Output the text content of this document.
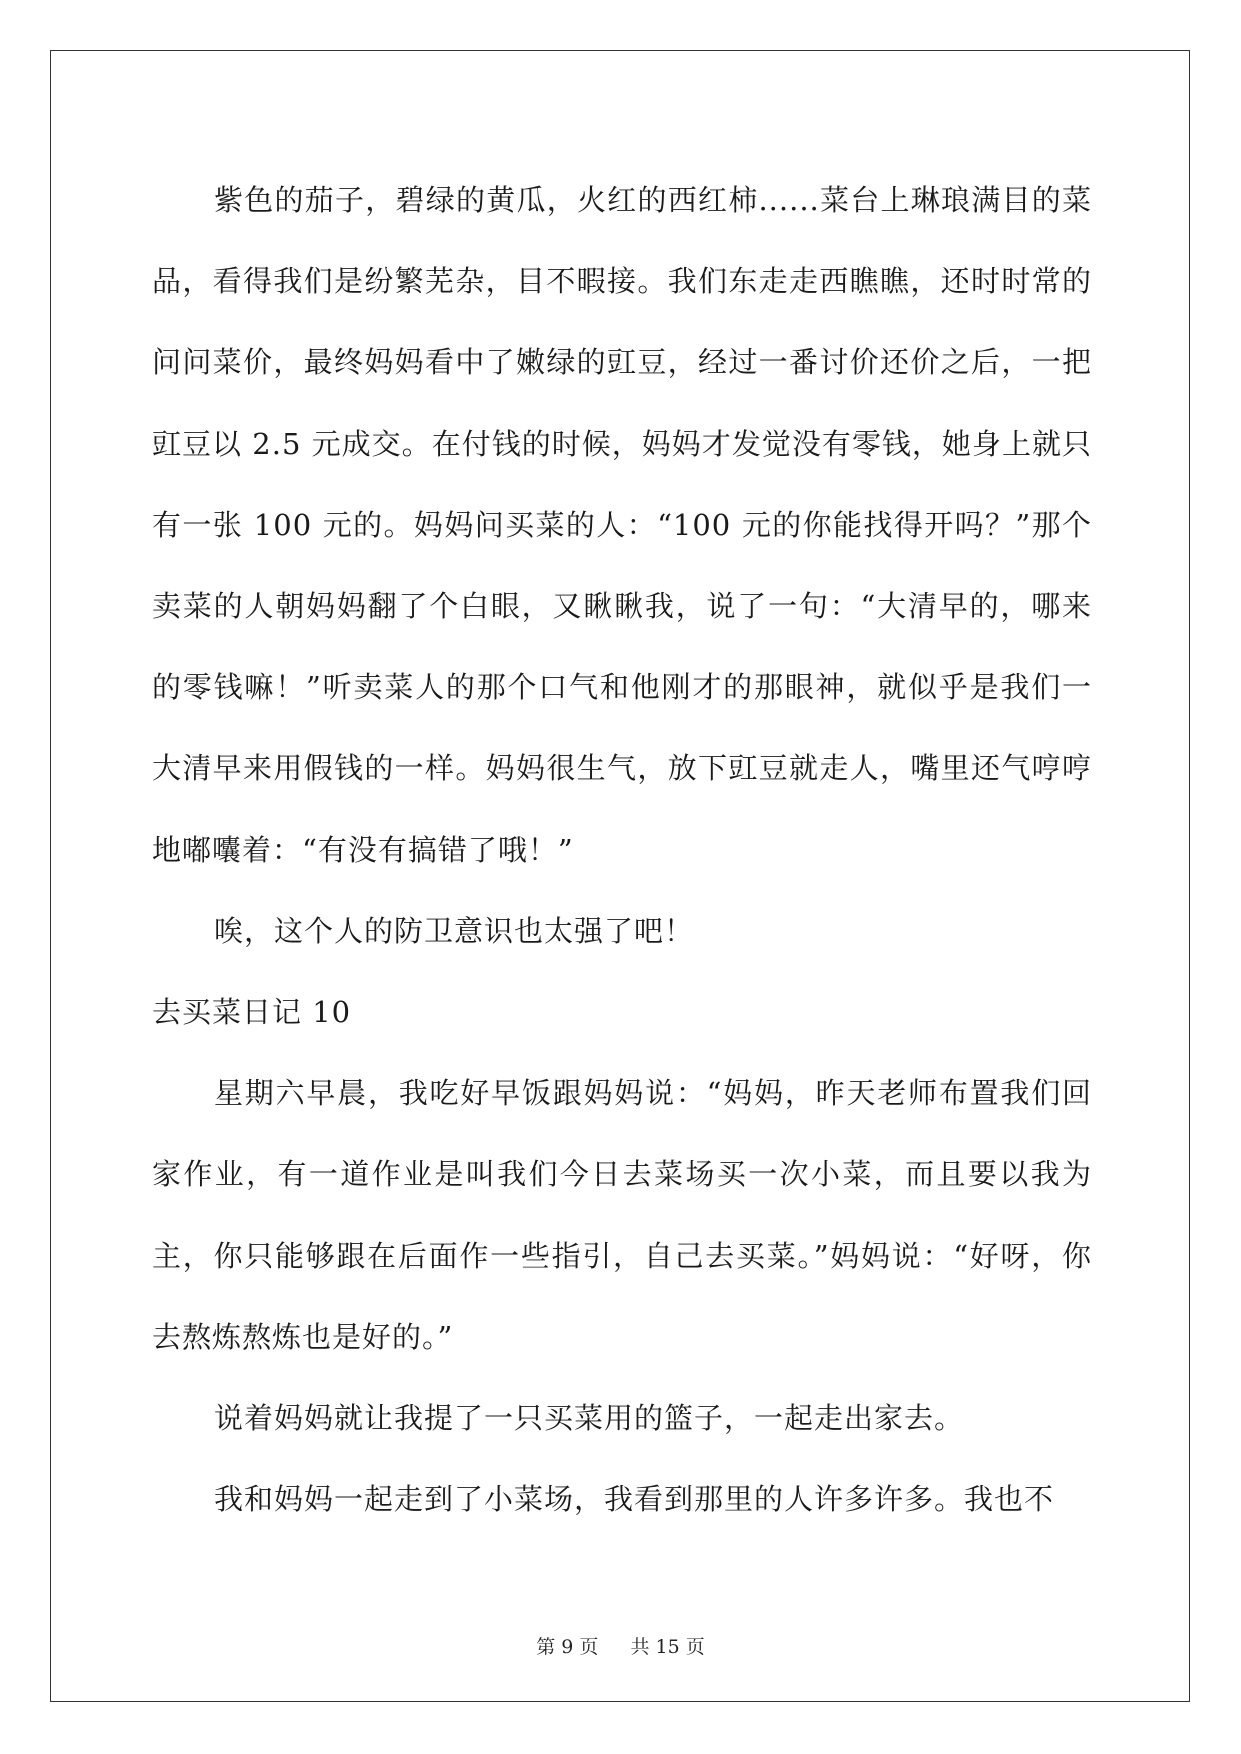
紫色的茄子，碧绿的黄瓜，火红的西红柿......菜台上琳琅满目的菜品，看得我们是纷繁芜杂，目不暇接。我们东走走西瞧瞧，还时时常的问问菜价，最终妈妈看中了嫩绿的豇豆，经过一番讨价还价之后，一把豇豆以 2.5 元成交。在付钱的时候，妈妈才发觉没有零钱，她身上就只有一张 100 元的。妈妈问买菜的人：“100 元的你能找得开吗？”那个卖菜的人朝妈妈翻了个白眼，又瞅瞅我，说了一句：“大清早的，哪来的零钱嘛！”听卖菜人的那个口气和他刚才的那眼神，就似乎是我们一大清早来用假钱的一样。妈妈很生气，放下豇豆就走人，嘴里还气哼哼地嘟囔着：“有没有搞错了哦！”

唉，这个人的防卫意识也太强了吧！

去买菜日记 10

星期六早晨，我吃好早饭跟妈妈说：“妈妈，昨天老师布置我们回家作业，有一道作业是叫我们今日去菜场买一次小菜，而且要以我为主，你只能够跟在后面作一些指引，自己去买菜。”妈妈说：“好呀，你去熬炼熬炼也是好的。”

说着妈妈就让我提了一只买菜用的篮子，一起走出家去。

我和妈妈一起走到了小菜场，我看到那里的人许多许多。我也不

第 9 页 共 15 页
